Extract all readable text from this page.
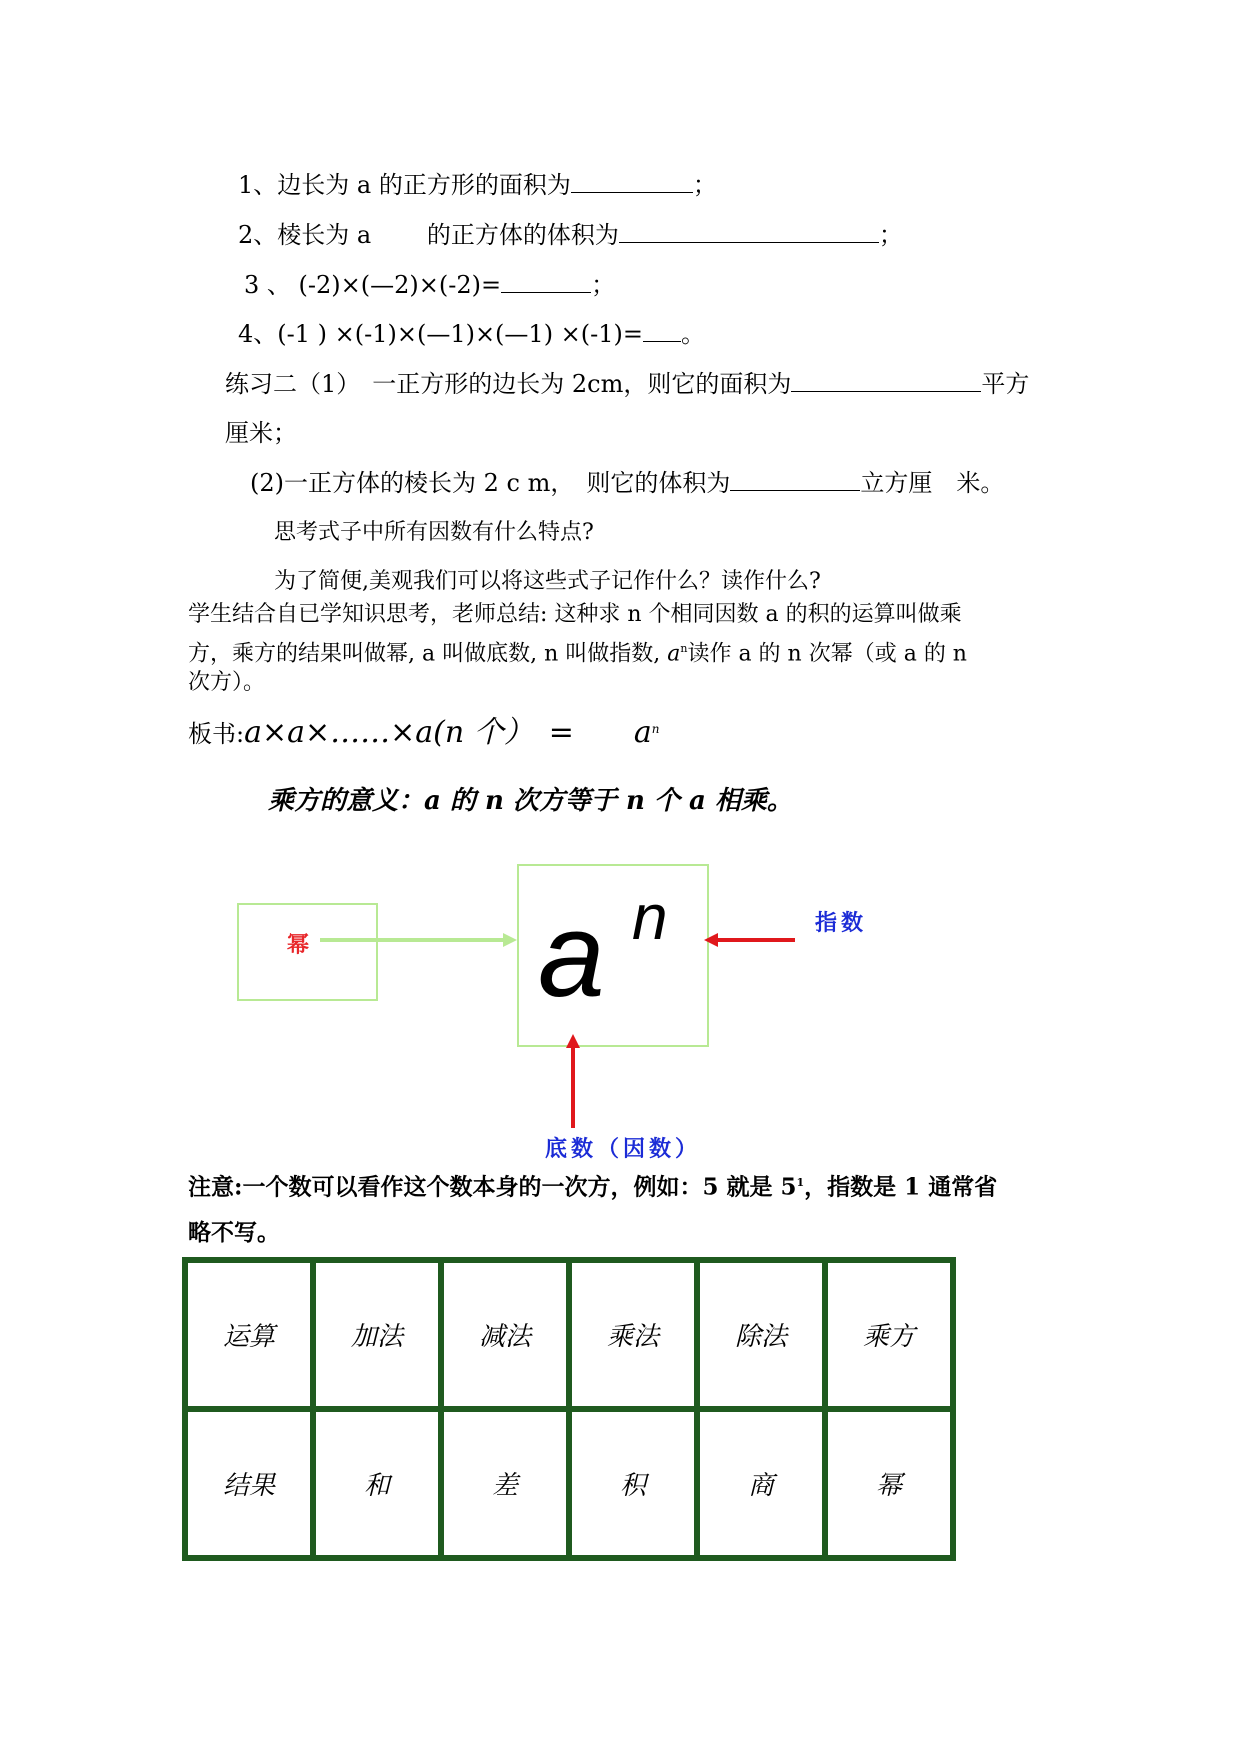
1、边长为 a 的正方形的面积为	；
2、棱长为 a　　 的正方体的体积为	；
3 、 (-2)×(—2)×(-2)=	；
4、(-1 ) ×(-1)×(—1)×(—1) ×(-1)= 。
练习二（1）　一正方形的边长为 2cm，则它的面积为	平方
厘米；
(2)一正方体的棱长为 2 c m，　则它的体积为	立方厘　米。
思考式子中所有因数有什么特点?
为了简便,美观我们可以将这些式子记作什么？读作什么?
学生结合自已学知识思考，老师总结: 这种求 n 个相同因数 a 的积的运算叫做乘
方，乘方的结果叫做幂, a 叫做底数, n 叫做指数, $a^n$读作 a 的 n 次幂（或 a 的 n
次方）。
板书:a×a×……×a(n 个）　=　　$a^n$
乘方的意义：a 的 n 次方等于 n 个 a 相乘。
幂
指数
底数（因数）
a n
注意:一个数可以看作这个数本身的一次方，例如：5 就是 $5^1$，指数是 1 通常省
略不写。
运算	加法	减法	乘法	除法	乘方
结果	和	差	积	商	幂
